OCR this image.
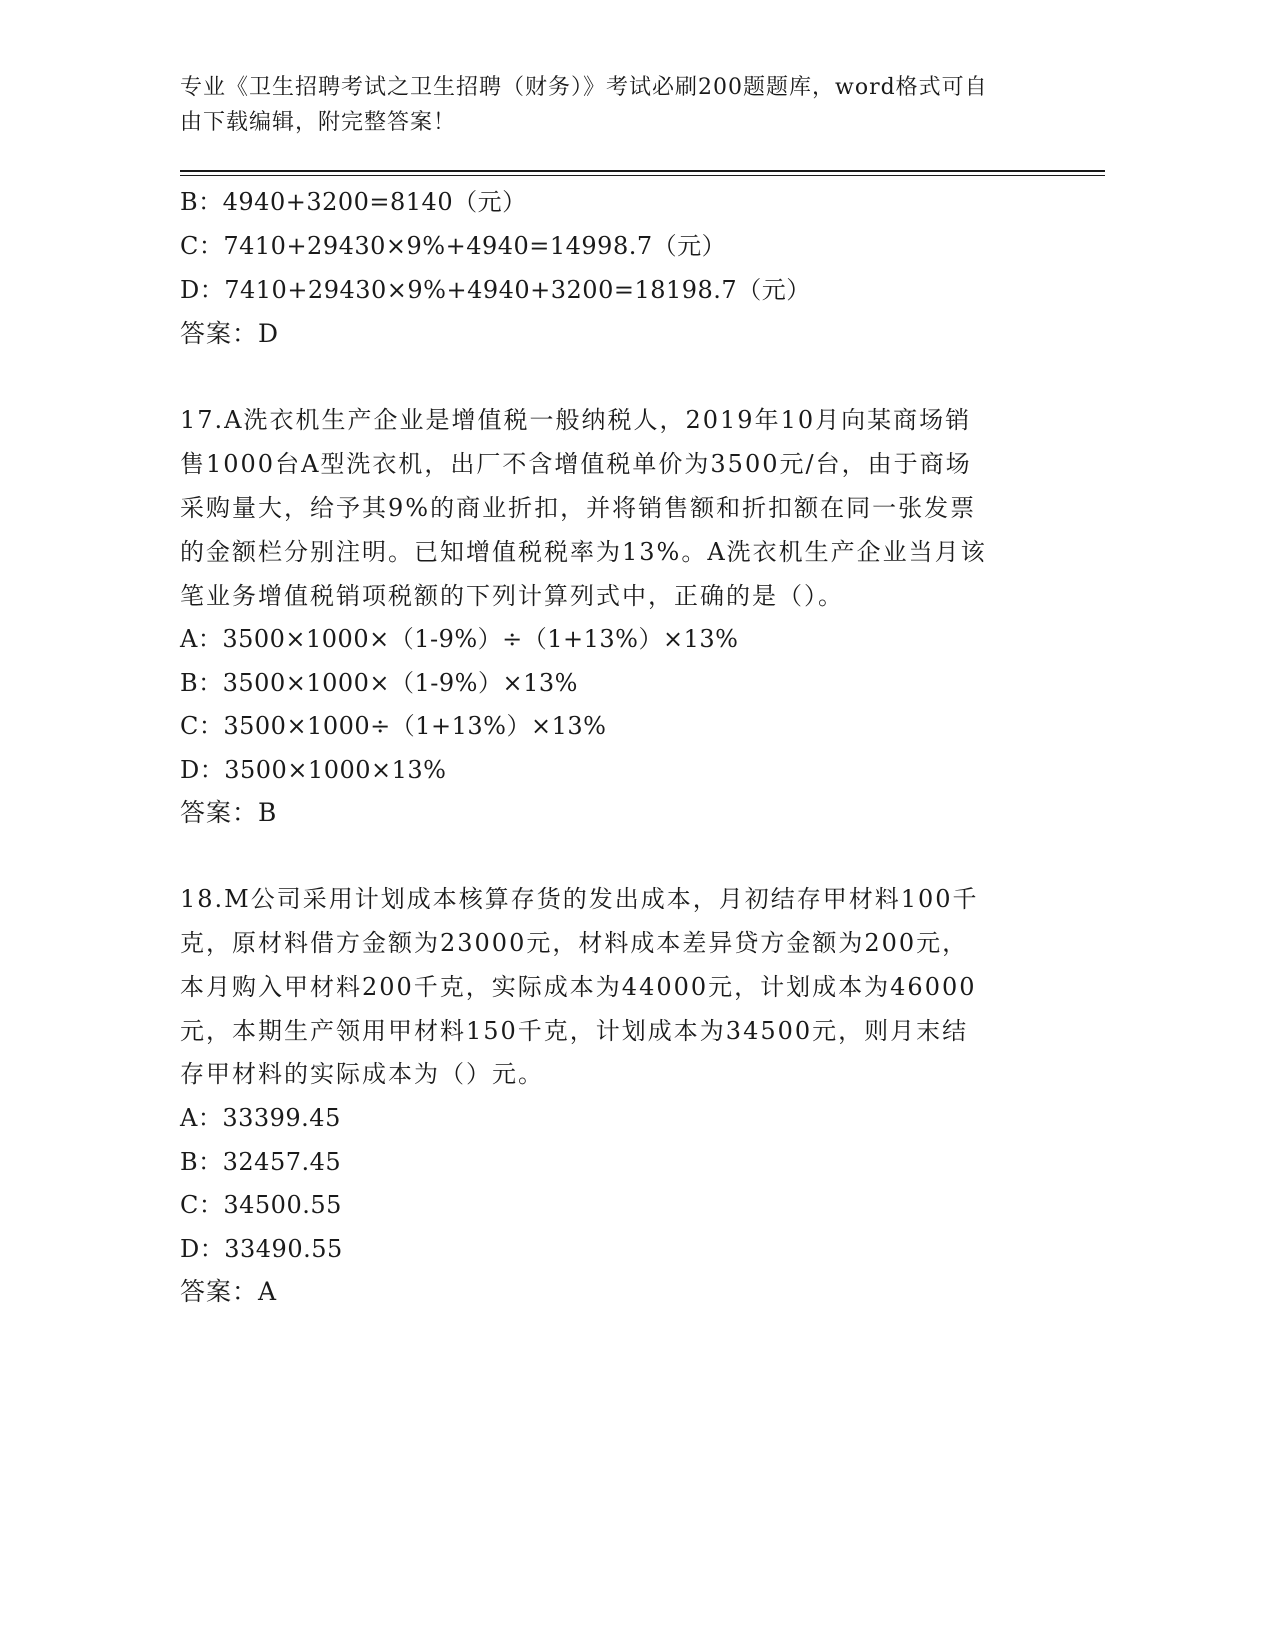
专业《卫生招聘考试之卫生招聘（财务）》考试必刷200题题库，word格式可自
由下载编辑，附完整答案！
B：4940+3200=8140（元）
C：7410+29430×9%+4940=14998.7（元）
D：7410+29430×9%+4940+3200=18198.7（元）
答案：D
17.A洗衣机生产企业是增值税一般纳税人，2019年10月向某商场销
售1000台A型洗衣机，出厂不含增值税单价为3500元/台，由于商场
采购量大，给予其9%的商业折扣，并将销售额和折扣额在同一张发票
的金额栏分别注明。已知增值税税率为13%。A洗衣机生产企业当月该
笔业务增值税销项税额的下列计算列式中，正确的是（）。
A：3500×1000×（1-9%）÷（1+13%）×13%
B：3500×1000×（1-9%）×13%
C：3500×1000÷（1+13%）×13%
D：3500×1000×13%
答案：B
18.M公司采用计划成本核算存货的发出成本，月初结存甲材料100千
克，原材料借方金额为23000元，材料成本差异贷方金额为200元，
本月购入甲材料200千克，实际成本为44000元，计划成本为46000
元，本期生产领用甲材料150千克，计划成本为34500元，则月末结
存甲材料的实际成本为（）元。
A：33399.45
B：32457.45
C：34500.55
D：33490.55
答案：A
